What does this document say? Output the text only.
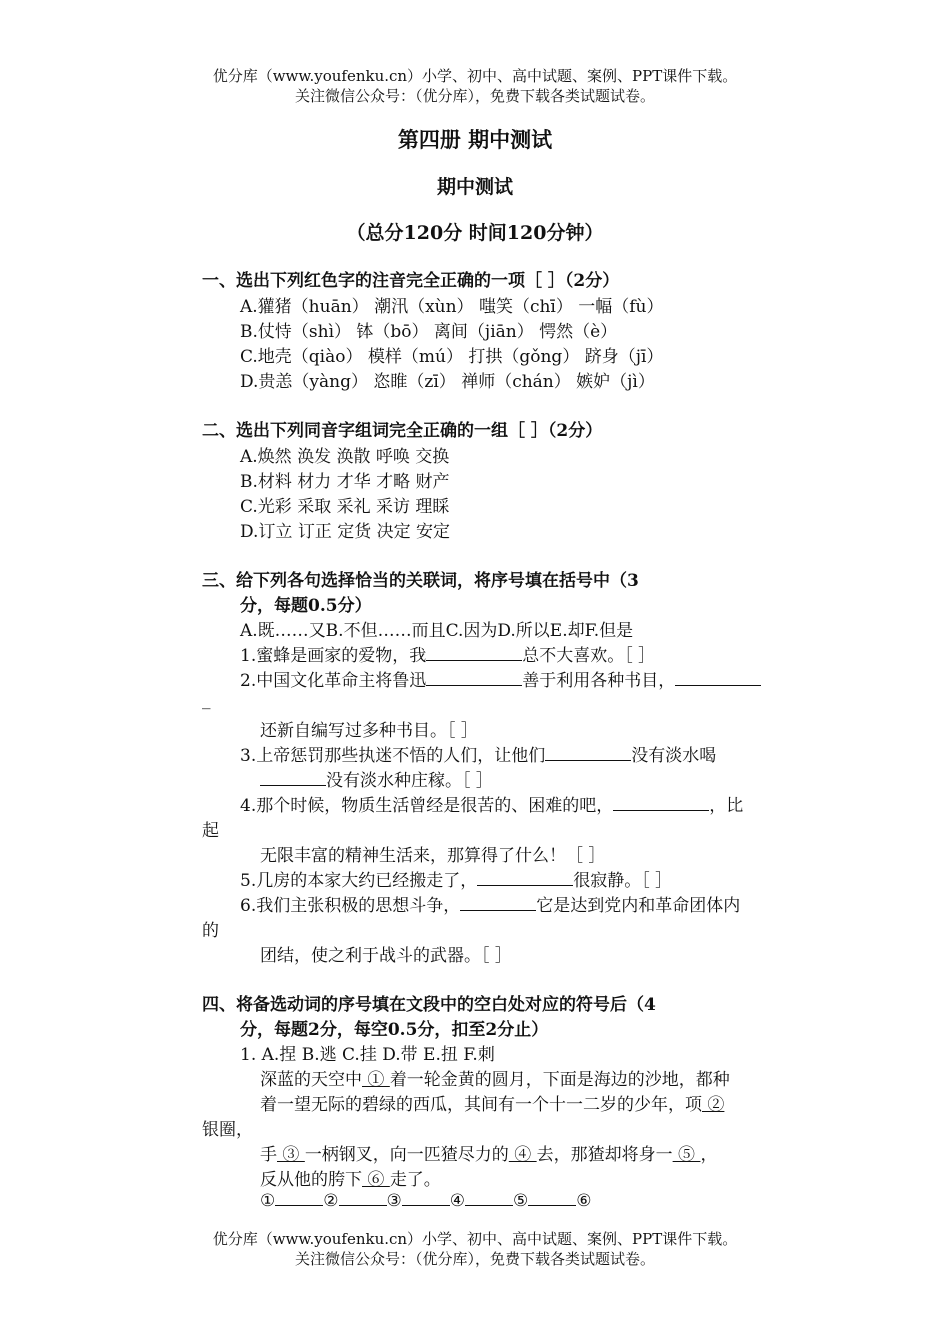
优分库（www.youfenku.cn）小学、初中、高中试题、案例、PPT课件下载。
关注微信公众号：（优分库），免费下载各类试题试卷。
第四册 期中测试
期中测试
（总分120分 时间120分钟）
一、选出下列红色字的注音完全正确的一项［ ］（2分）
A.獾猪（huān） 潮汛（xùn） 嗤笑（chī） 一幅（fù）
B.仗恃（shì） 钵（bō） 离间（jiān） 愕然（è）
C.地壳（qiào） 模样（mú） 打拱（gǒng） 跻身（jī）
D.贵恙（yàng） 恣睢（zī） 禅师（chán） 嫉妒（jì）
二、选出下列同音字组词完全正确的一组［ ］（2分）
A.焕然 涣发 涣散 呼唤 交换
B.材料 材力 才华 才略 财产
C.光彩 采取 采礼 采访 理睬
D.订立 订正 定货 决定 安定
三、给下列各句选择恰当的关联词，将序号填在括号中（3
分，每题0.5分）
A.既……又B.不但……而且C.因为D.所以E.却F.但是
1.蜜蜂是画家的爱物，我	总不大喜欢。［ ］
2.中国文化革命主将鲁迅	善于利用各种书目，
_
还新自编写过多种书目。［ ］
3.上帝惩罚那些执迷不悟的人们，让他们	没有淡水喝
没有淡水种庄稼。［ ］
4.那个时候，物质生活曾经是很苦的、困难的吧，	，比
起
无限丰富的精神生活来，那算得了什么！［ ］
5.几房的本家大约已经搬走了，	很寂静。［ ］
6.我们主张积极的思想斗争，	它是达到党内和革命团体内
的
团结，使之利于战斗的武器。［ ］
四、将备选动词的序号填在文段中的空白处对应的符号后（4
分，每题2分，每空0.5分，扣至2分止）
1. A.捏 B.逃 C.挂 D.带 E.扭 F.刺
深蓝的天空中 ① 着一轮金黄的圆月，下面是海边的沙地，都种
着一望无际的碧绿的西瓜，其间有一个十一二岁的少年，项 ②
银圈，
手 ③ 一柄钢叉，向一匹猹尽力的 ④ 去，那猹却将身一 ⑤ ，
反从他的胯下 ⑥ 走了。
①	②	③	④	⑤	⑥
优分库（www.youfenku.cn）小学、初中、高中试题、案例、PPT课件下载。
关注微信公众号：（优分库），免费下载各类试题试卷。
